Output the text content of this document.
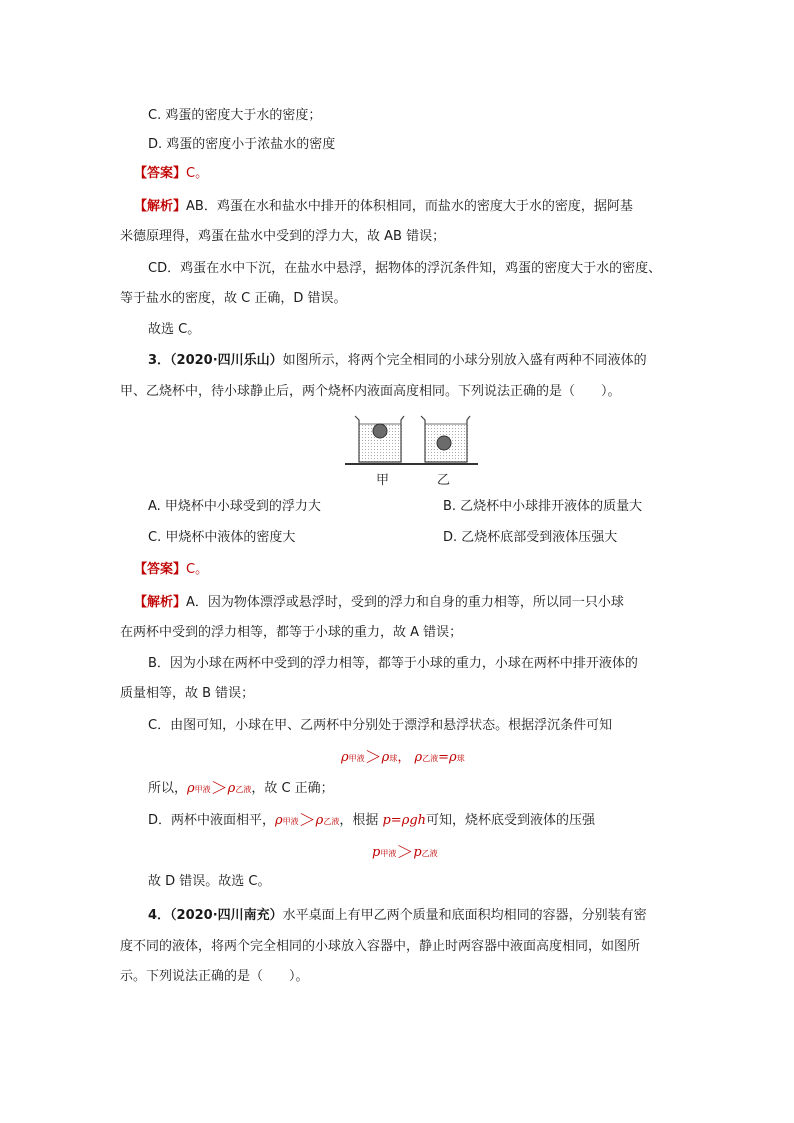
C. 鸡蛋的密度大于水的密度；
D. 鸡蛋的密度小于浓盐水的密度
【答案】C。
【解析】AB．鸡蛋在水和盐水中排开的体积相同，而盐水的密度大于水的密度，据阿基
米德原理得，鸡蛋在盐水中受到的浮力大，故 AB 错误；
CD．鸡蛋在水中下沉，在盐水中悬浮，据物体的浮沉条件知，鸡蛋的密度大于水的密度、
等于盐水的密度，故 C 正确，D 错误。
故选 C。
3．（2020·四川乐山）如图所示，将两个完全相同的小球分别放入盛有两种不同液体的
甲、乙烧杯中，待小球静止后，两个烧杯内液面高度相同。下列说法正确的是（　　）。
甲	乙
A. 甲烧杯中小球受到的浮力大	B. 乙烧杯中小球排开液体的质量大
C. 甲烧杯中液体的密度大	D. 乙烧杯底部受到液体压强大
【答案】C。
【解析】A．因为物体漂浮或悬浮时，受到的浮力和自身的重力相等，所以同一只小球
在两杯中受到的浮力相等，都等于小球的重力，故 A 错误；
B．因为小球在两杯中受到的浮力相等，都等于小球的重力，小球在两杯中排开液体的
质量相等，故 B 错误；
C．由图可知，小球在甲、乙两杯中分别处于漂浮和悬浮状态。根据浮沉条件可知
ρ甲液＞ρ球， ρ乙液=ρ球
所以，ρ甲液＞ρ乙液，故 C 正确；
D．两杯中液面相平，ρ甲液＞ρ乙液，根据 p=ρgh可知，烧杯底受到液体的压强
p甲液＞p乙液
故 D 错误。故选 C。
4．（2020·四川南充）水平桌面上有甲乙两个质量和底面积均相同的容器，分别装有密
度不同的液体，将两个完全相同的小球放入容器中，静止时两容器中液面高度相同，如图所
示。下列说法正确的是（　　）。
